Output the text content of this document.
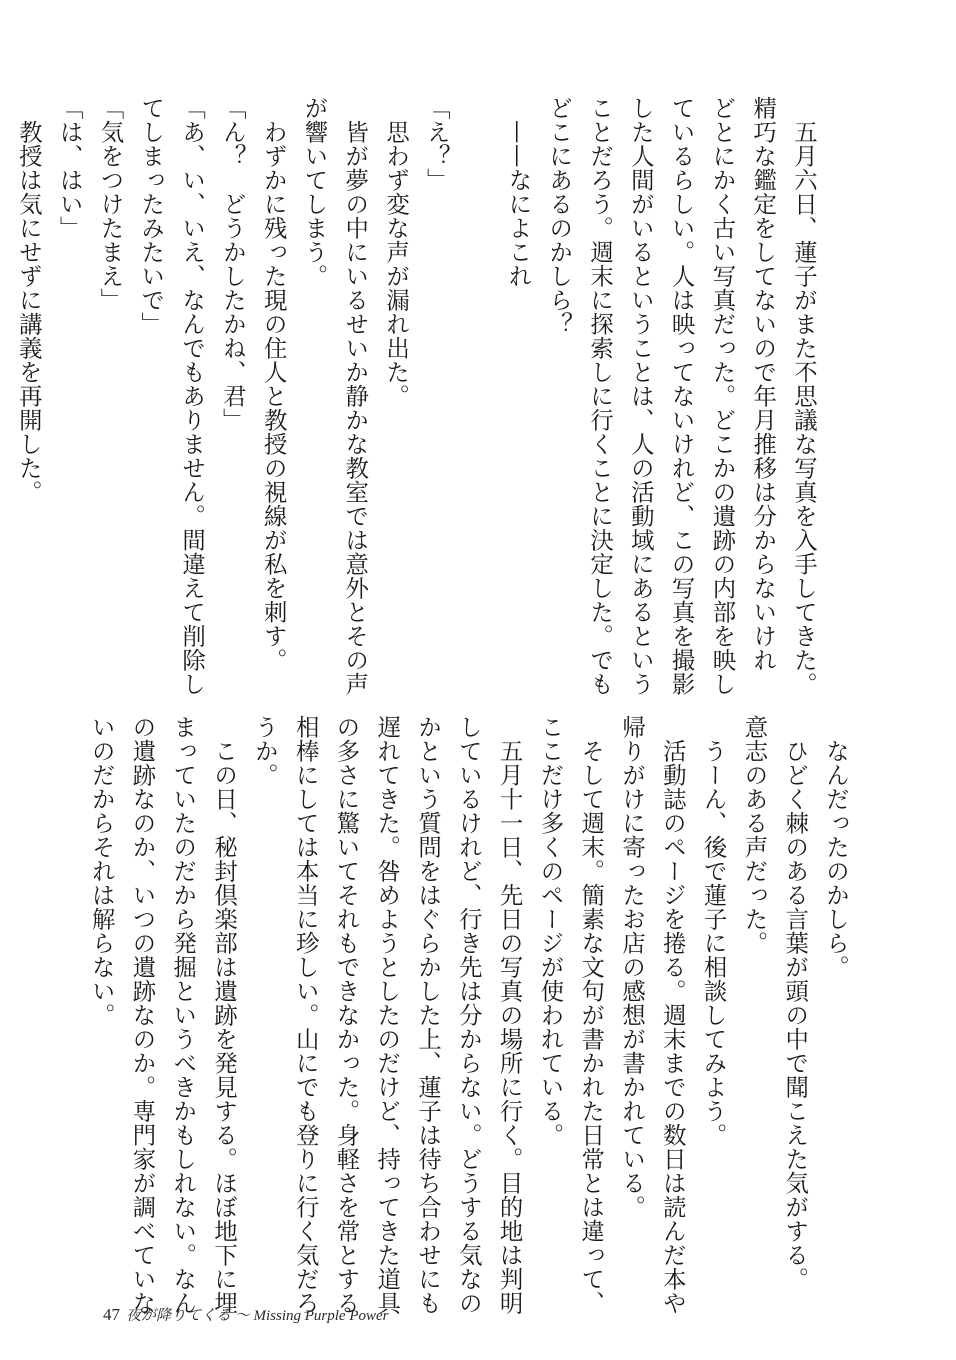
　五月六日、蓮子がまた不思議な写真を入手してきた。
精巧な鑑定をしてないので年月推移は分からないけれ
どとにかく古い写真だった。どこかの遺跡の内部を映し
ているらしい。人は映ってないけれど、この写真を撮影
した人間がいるということは、人の活動域にあるという
ことだろう。週末に探索しに行くことに決定した。でも
どこにあるのかしら？
　——なによこれ

「え？」
　思わず変な声が漏れ出た。
　皆が夢の中にいるせいか静かな教室では意外とその声
が響いてしまう。
　わずかに残った現の住人と教授の視線が私を刺す。
「ん？　どうかしたかね、君」
「あ、い、いえ、なんでもありません。間違えて削除し
てしまったみたいで」
「気をつけたまえ」
「は、はい」
　教授は気にせずに講義を再開した。
　なんだったのかしら。
　ひどく棘のある言葉が頭の中で聞こえた気がする。
意志のある声だった。
　うーん、後で蓮子に相談してみよう。
　活動誌のページを捲る。週末までの数日は読んだ本や
帰りがけに寄ったお店の感想が書かれている。
　そして週末。簡素な文句が書かれた日常とは違って、
ここだけ多くのページが使われている。
　五月十一日、先日の写真の場所に行く。目的地は判明
しているけれど、行き先は分からない。どうする気なの
かという質問をはぐらかした上、蓮子は待ち合わせにも
遅れてきた。咎めようとしたのだけど、持ってきた道具
の多さに驚いてそれもできなかった。身軽さを常とする
相棒にしては本当に珍しい。山にでも登りに行く気だろ
うか。
　この日、秘封倶楽部は遺跡を発見する。ほぼ地下に埋
まっていたのだから発掘というべきかもしれない。なん
の遺跡なのか、いつの遺跡なのか。専門家が調べていな
いのだからそれは解らない。
47 夜が降りてくる 〜 Missing Purple Power
